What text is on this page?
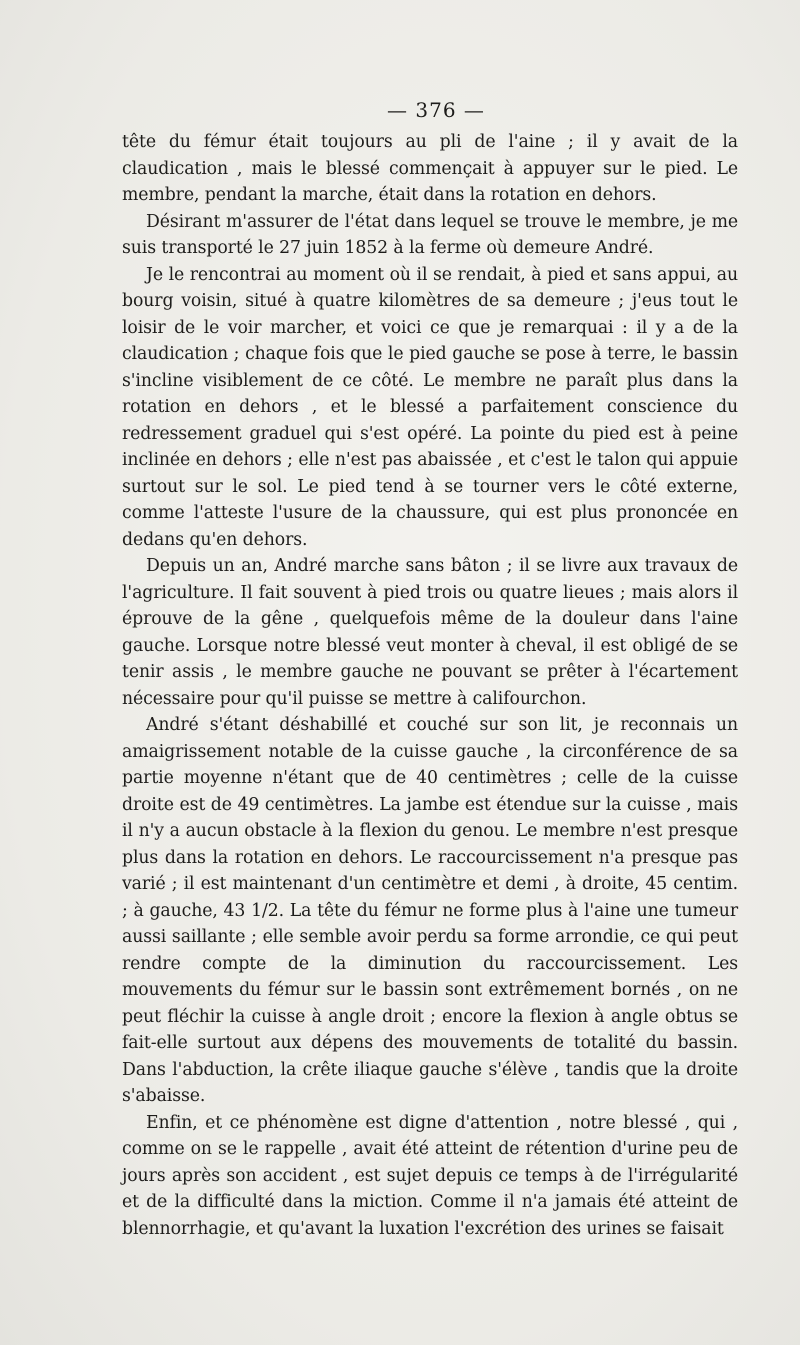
— 376 —

tête du fémur était toujours au pli de l'aine ; il y avait de la claudication , mais le blessé commençait à appuyer sur le pied. Le membre, pendant la marche, était dans la rotation en dehors.

Désirant m'assurer de l'état dans lequel se trouve le membre, je me suis transporté le 27 juin 1852 à la ferme où demeure André.

Je le rencontrai au moment où il se rendait, à pied et sans appui, au bourg voisin, situé à quatre kilomètres de sa demeure ; j'eus tout le loisir de le voir marcher, et voici ce que je remarquai : il y a de la claudication ; chaque fois que le pied gauche se pose à terre, le bassin s'incline visiblement de ce côté. Le membre ne paraît plus dans la rotation en dehors , et le blessé a parfaitement conscience du redressement graduel qui s'est opéré. La pointe du pied est à peine inclinée en dehors ; elle n'est pas abaissée , et c'est le talon qui appuie surtout sur le sol. Le pied tend à se tourner vers le côté externe, comme l'atteste l'usure de la chaussure, qui est plus prononcée en dedans qu'en dehors.

Depuis un an, André marche sans bâton ; il se livre aux travaux de l'agriculture. Il fait souvent à pied trois ou quatre lieues ; mais alors il éprouve de la gêne , quelquefois même de la douleur dans l'aine gauche. Lorsque notre blessé veut monter à cheval, il est obligé de se tenir assis , le membre gauche ne pouvant se prêter à l'écartement nécessaire pour qu'il puisse se mettre à califourchon.

André s'étant déshabillé et couché sur son lit, je reconnais un amaigrissement notable de la cuisse gauche , la circonférence de sa partie moyenne n'étant que de 40 centimètres ; celle de la cuisse droite est de 49 centimètres. La jambe est étendue sur la cuisse , mais il n'y a aucun obstacle à la flexion du genou. Le membre n'est presque plus dans la rotation en dehors. Le raccourcissement n'a presque pas varié ; il est maintenant d'un centimètre et demi , à droite, 45 centim. ; à gauche, 43 1/2. La tête du fémur ne forme plus à l'aine une tumeur aussi saillante ; elle semble avoir perdu sa forme arrondie, ce qui peut rendre compte de la diminution du raccourcissement. Les mouvements du fémur sur le bassin sont extrêmement bornés , on ne peut fléchir la cuisse à angle droit ; encore la flexion à angle obtus se fait-elle surtout aux dépens des mouvements de totalité du bassin. Dans l'abduction, la crête iliaque gauche s'élève , tandis que la droite s'abaisse.

Enfin, et ce phénomène est digne d'attention , notre blessé , qui , comme on se le rappelle , avait été atteint de rétention d'urine peu de jours après son accident , est sujet depuis ce temps à de l'irrégularité et de la difficulté dans la miction. Comme il n'a jamais été atteint de blennorrhagie, et qu'avant la luxation l'excrétion des urines se faisait
